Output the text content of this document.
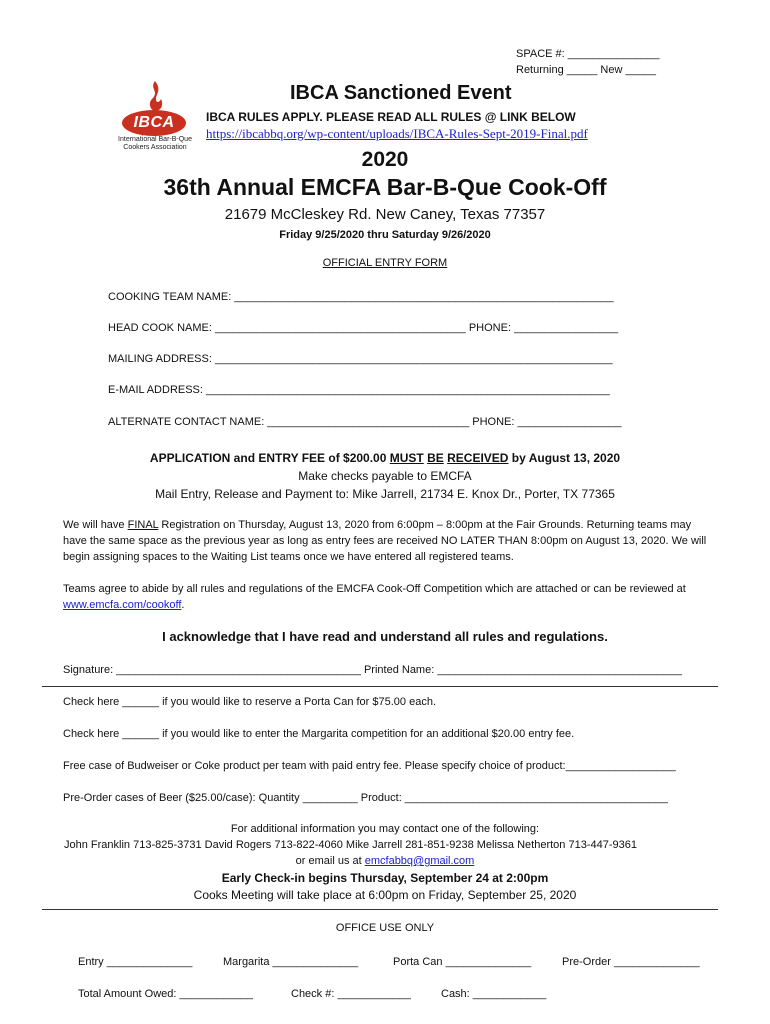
SPACE #: _______________
Returning _____ New _____
IBCA
International Bar-B-Que
Cookers Association
IBCA Sanctioned Event
IBCA RULES APPLY. PLEASE READ ALL RULES @ LINK BELOW
https://ibcabbq.org/wp-content/uploads/IBCA-Rules-Sept-2019-Final.pdf
2020
36th Annual EMCFA Bar-B-Que Cook-Off
21679 McCleskey Rd. New Caney, Texas 77357
Friday 9/25/2020 thru Saturday 9/26/2020
OFFICIAL ENTRY FORM
COOKING TEAM NAME: ______________________________________________________________
HEAD COOK NAME: _________________________________________ PHONE: _________________
MAILING ADDRESS: _________________________________________________________________
E-MAIL ADDRESS: __________________________________________________________________
ALTERNATE CONTACT NAME: _________________________________ PHONE: _________________
APPLICATION and ENTRY FEE of $200.00 MUST BE RECEIVED by August 13, 2020
Make checks payable to EMCFA
Mail Entry, Release and Payment to: Mike Jarrell, 21734 E. Knox Dr., Porter, TX 77365
We will have FINAL Registration on Thursday, August 13, 2020 from 6:00pm – 8:00pm at the Fair Grounds. Returning teams may have the same space as the previous year as long as entry fees are received NO LATER THAN 8:00pm on August 13, 2020. We will begin assigning spaces to the Waiting List teams once we have entered all registered teams.
Teams agree to abide by all rules and regulations of the EMCFA Cook-Off Competition which are attached or can be reviewed at www.emcfa.com/cookoff.
I acknowledge that I have read and understand all rules and regulations.
Signature: ________________________________________ Printed Name: ________________________________________
Check here ______ if you would like to reserve a Porta Can for $75.00 each.
Check here ______ if you would like to enter the Margarita competition for an additional $20.00 entry fee.
Free case of Budweiser or Coke product per team with paid entry fee. Please specify choice of product:__________________
Pre-Order cases of Beer ($25.00/case): Quantity _________ Product: ___________________________________________
For additional information you may contact one of the following:
John Franklin 713-825-3731 David Rogers 713-822-4060 Mike Jarrell 281-851-9238 Melissa Netherton 713-447-9361
or email us at emcfabbq@gmail.com
Early Check-in begins Thursday, September 24 at 2:00pm
Cooks Meeting will take place at 6:00pm on Friday, September 25, 2020
OFFICE USE ONLY
Entry ______________	Margarita ______________	Porta Can ______________	Pre-Order ______________
Total Amount Owed: ____________	Check #: ____________	Cash: ____________
